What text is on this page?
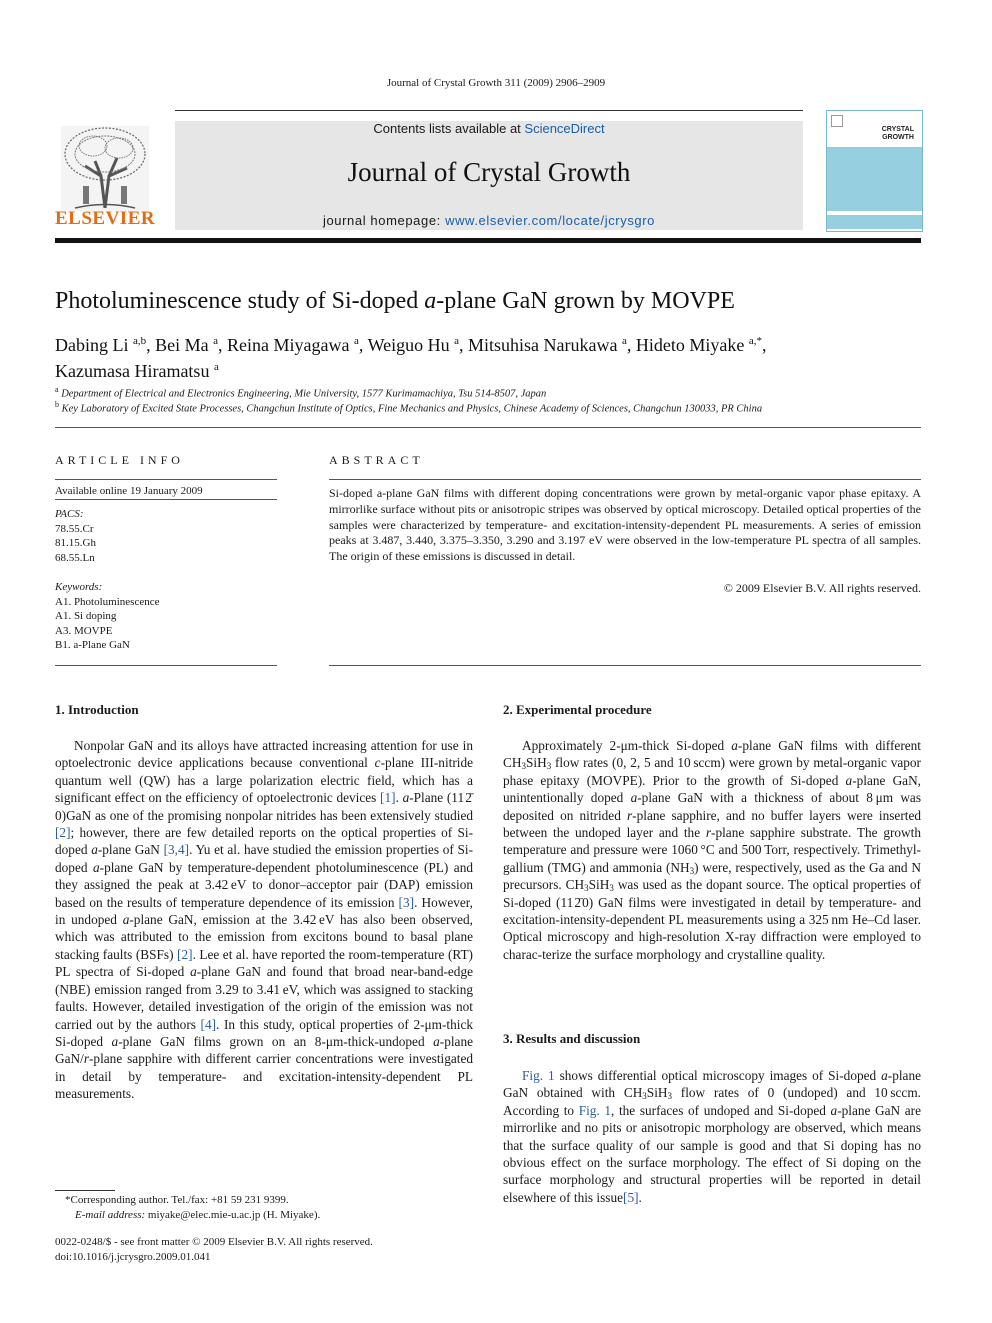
Journal of Crystal Growth 311 (2009) 2906–2909
Contents lists available at ScienceDirect
Journal of Crystal Growth
journal homepage: www.elsevier.com/locate/jcrysgro
ELSEVIER
CRYSTAL
GROWTH
Photoluminescence study of Si-doped a-plane GaN grown by MOVPE
Dabing Li $^{a,b}$, Bei Ma $^a$, Reina Miyagawa $^a$, Weiguo Hu $^a$, Mitsuhisa Narukawa $^a$, Hideto Miyake $^{a,*}$,
Kazumasa Hiramatsu $^a$
$^a$ Department of Electrical and Electronics Engineering, Mie University, 1577 Kurimamachiya, Tsu 514-8507, Japan
$^b$ Key Laboratory of Excited State Processes, Changchun Institute of Optics, Fine Mechanics and Physics, Chinese Academy of Sciences, Changchun 130033, PR China
ARTICLE INFO
Available online 19 January 2009
PACS:
78.55.Cr
81.15.Gh
68.55.Ln
Keywords:
A1. Photoluminescence
A1. Si doping
A3. MOVPE
B1. a-Plane GaN
ABSTRACT
Si-doped a-plane GaN films with different doping concentrations were grown by metal-organic vapor phase epitaxy. A mirrorlike surface without pits or anisotropic stripes was observed by optical microscopy. Detailed optical properties of the samples were characterized by temperature- and excitation-intensity-dependent PL measurements. A series of emission peaks at 3.487, 3.440, 3.375–3.350, 3.290 and 3.197 eV were observed in the low-temperature PL spectra of all samples. The origin of these emissions is discussed in detail.
© 2009 Elsevier B.V. All rights reserved.
1. Introduction

Nonpolar GaN and its alloys have attracted increasing attention for use in optoelectronic device applications because conventional c-plane III-nitride quantum well (QW) has a large polarization electric field, which has a significant effect on the efficiency of optoelectronic devices [1]. a-Plane (11 2̄ 0)GaN as one of the promising nonpolar nitrides has been extensively studied [2]; however, there are few detailed reports on the optical properties of Si-doped a-plane GaN [3,4]. Yu et al. have studied the emission properties of Si-doped a-plane GaN by temperature-dependent photoluminescence (PL) and they assigned the peak at 3.42 eV to donor–acceptor pair (DAP) emission based on the results of temperature dependence of its emission [3]. However, in undoped a-plane GaN, emission at the 3.42 eV has also been observed, which was attributed to the emission from excitons bound to basal plane stacking faults (BSFs) [2]. Lee et al. have reported the room-temperature (RT) PL spectra of Si-doped a-plane GaN and found that broad near-band-edge (NBE) emission ranged from 3.29 to 3.41 eV, which was assigned to stacking faults. However, detailed investigation of the origin of the emission was not carried out by the authors [4]. In this study, optical properties of 2-μm-thick Si-doped a-plane GaN films grown on an 8-μm-thick-undoped a-plane GaN/r-plane sapphire with different carrier concentrations were investigated in detail by temperature- and excitation-intensity-dependent PL measurements.

2. Experimental procedure

Approximately 2-μm-thick Si-doped a-plane GaN films with different $CH_3SiH_3$ flow rates (0, 2, 5 and 10 sccm) were grown by metal-organic vapor phase epitaxy (MOVPE). Prior to the growth of Si-doped a-plane GaN, unintentionally doped a-plane GaN with a thickness of about 8 μm was deposited on nitrided r-plane sapphire, and no buffer layers were inserted between the undoped layer and the r-plane sapphire substrate. The growth temperature and pressure were 1060 °C and 500 Torr, respectively. Trimethyl-gallium (TMG) and ammonia $(NH_3)$ were, respectively, used as the Ga and N precursors. $CH_3SiH_3$ was used as the dopant source. The optical properties of Si-doped (11 2̄ 0) GaN films were investigated in detail by temperature- and excitation-intensity-dependent PL measurements using a 325 nm He–Cd laser. Optical microscopy and high-resolution X-ray diffraction were employed to charac-terize the surface morphology and crystalline quality.

3. Results and discussion

Fig. 1 shows differential optical microscopy images of Si-doped a-plane GaN obtained with $CH_3SiH_3$ flow rates of 0 (undoped) and 10 sccm. According to Fig. 1, the surfaces of undoped and Si-doped a-plane GaN are mirrorlike and no pits or anisotropic morphology are observed, which means that the surface quality of our sample is good and that Si doping has no obvious effect on the surface morphology. The effect of Si doping on the surface morphology and structural properties will be reported in detail elsewhere of this issue[5].

*Corresponding author. Tel./fax: +81 59 231 9399.
E-mail address: miyake@elec.mie-u.ac.jp (H. Miyake).
0022-0248/$ - see front matter © 2009 Elsevier B.V. All rights reserved.
doi:10.1016/j.jcrysgro.2009.01.041
